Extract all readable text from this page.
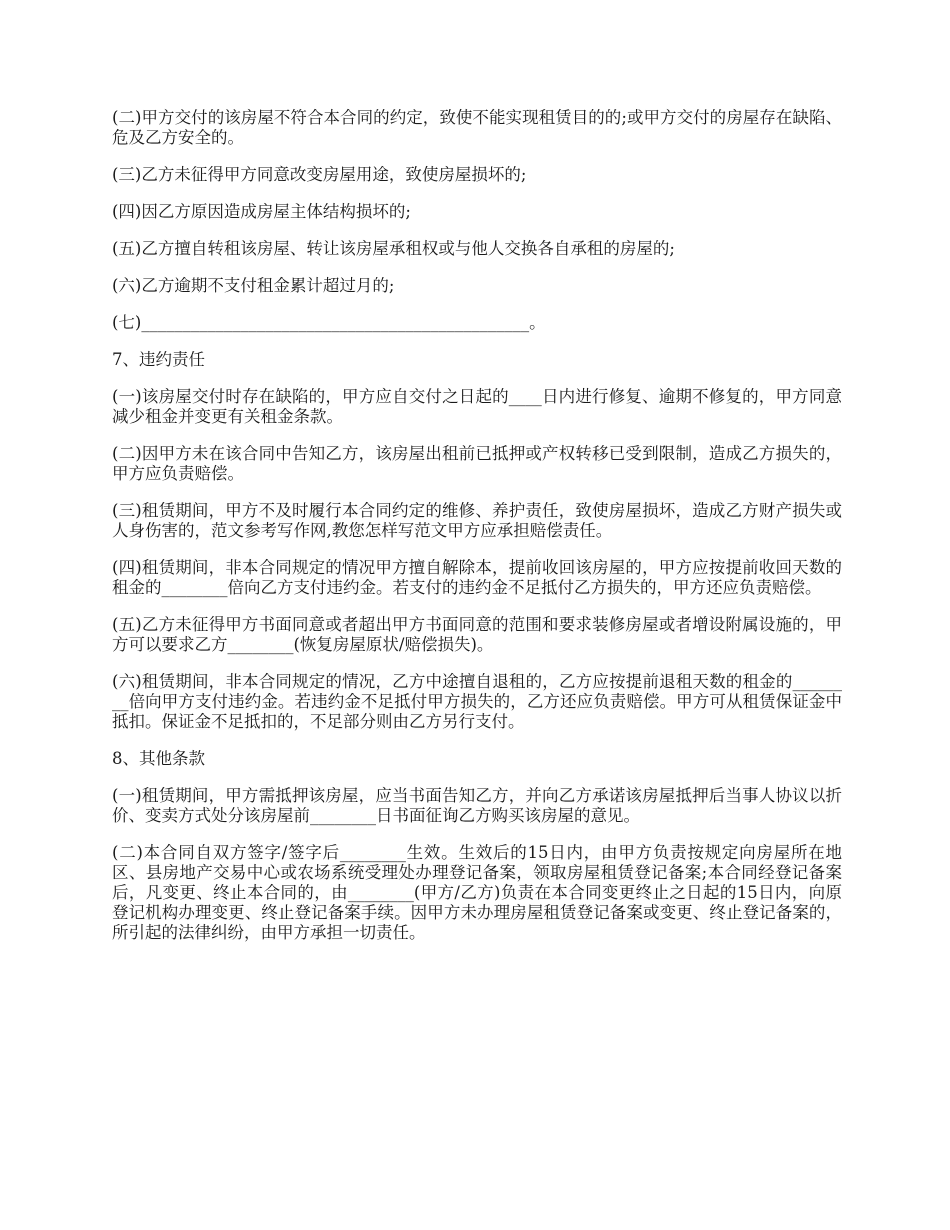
(二)甲方交付的该房屋不符合本合同的约定，致使不能实现租赁目的的;或甲方交付的房屋存在缺陷、危及乙方安全的。

(三)乙方未征得甲方同意改变房屋用途，致使房屋损坏的;

(四)因乙方原因造成房屋主体结构损坏的;

(五)乙方擅自转租该房屋、转让该房屋承租权或与他人交换各自承租的房屋的;

(六)乙方逾期不支付租金累计超过月的;

(七)_______________________________________________。

7、违约责任

(一)该房屋交付时存在缺陷的，甲方应自交付之日起的____日内进行修复、逾期不修复的，甲方同意减少租金并变更有关租金条款。

(二)因甲方未在该合同中告知乙方，该房屋出租前已抵押或产权转移已受到限制，造成乙方损失的，甲方应负责赔偿。

(三)租赁期间，甲方不及时履行本合同约定的维修、养护责任，致使房屋损坏，造成乙方财产损失或人身伤害的，范文参考写作网,教您怎样写范文甲方应承担赔偿责任。

(四)租赁期间，非本合同规定的情况甲方擅自解除本，提前收回该房屋的，甲方应按提前收回天数的租金的________倍向乙方支付违约金。若支付的违约金不足抵付乙方损失的，甲方还应负责赔偿。

(五)乙方未征得甲方书面同意或者超出甲方书面同意的范围和要求装修房屋或者增设附属设施的，甲方可以要求乙方________(恢复房屋原状/赔偿损失)。

(六)租赁期间，非本合同规定的情况，乙方中途擅自退租的，乙方应按提前退租天数的租金的________倍向甲方支付违约金。若违约金不足抵付甲方损失的，乙方还应负责赔偿。甲方可从租赁保证金中抵扣。保证金不足抵扣的，不足部分则由乙方另行支付。

8、其他条款

(一)租赁期间，甲方需抵押该房屋，应当书面告知乙方，并向乙方承诺该房屋抵押后当事人协议以折价、变卖方式处分该房屋前________日书面征询乙方购买该房屋的意见。

(二)本合同自双方签字/签字后________生效。生效后的15日内，由甲方负责按规定向房屋所在地区、县房地产交易中心或农场系统受理处办理登记备案，领取房屋租赁登记备案;本合同经登记备案后，凡变更、终止本合同的，由________(甲方/乙方)负责在本合同变更终止之日起的15日内，向原登记机构办理变更、终止登记备案手续。因甲方未办理房屋租赁登记备案或变更、终止登记备案的，所引起的法律纠纷，由甲方承担一切责任。
